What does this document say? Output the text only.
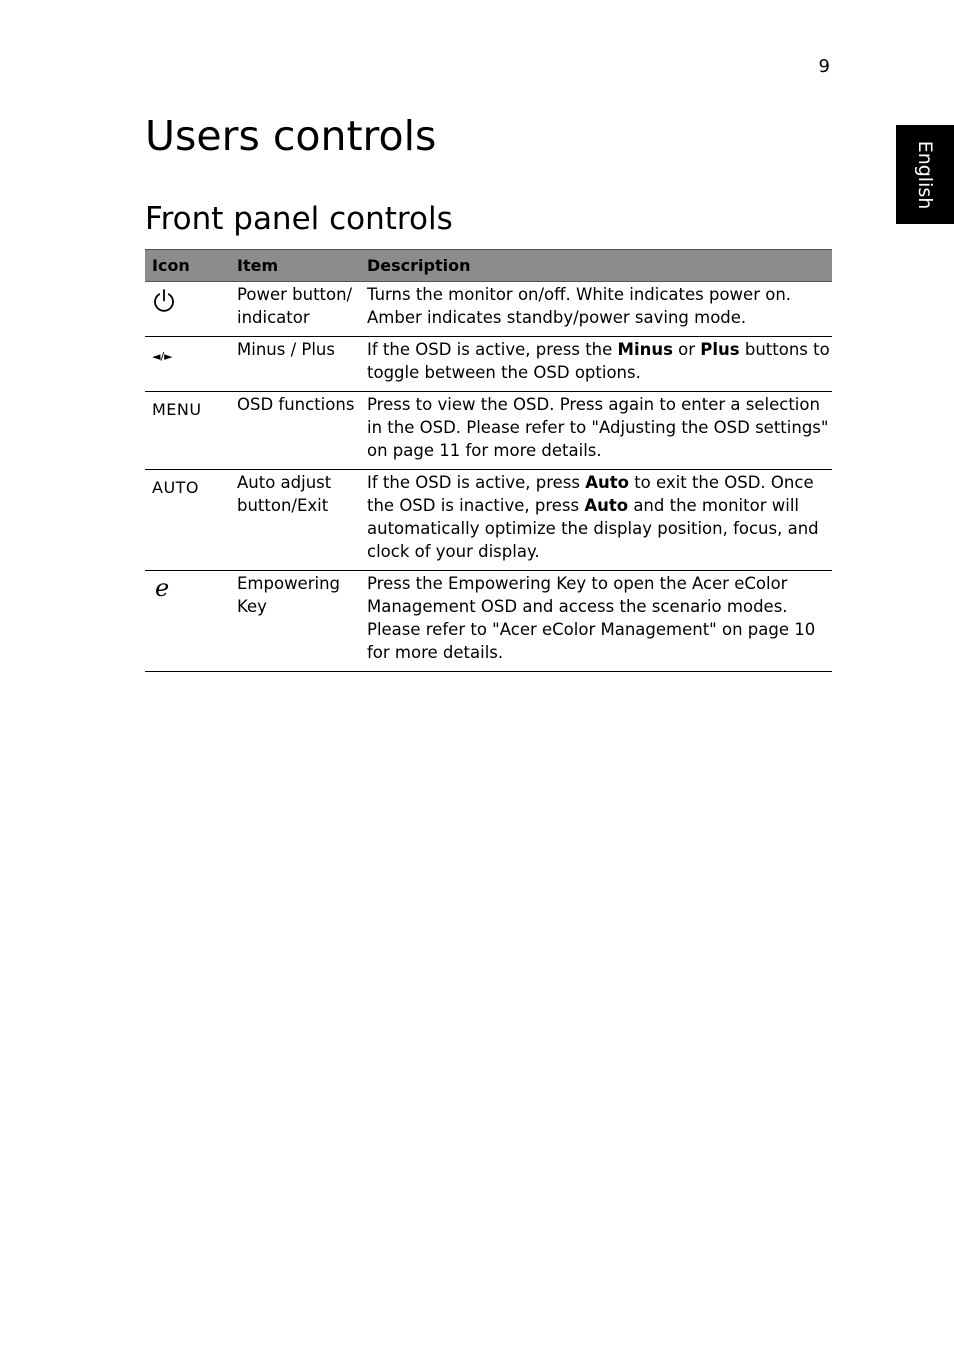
9
English
Users controls
Front panel controls
Icon	Item	Description
	Power button/ indicator	Turns the monitor on/off. White indicates power on. Amber indicates standby/power saving mode.
◄/►	Minus / Plus	If the OSD is active, press the Minus or Plus buttons to toggle between the OSD options.
MENU	OSD functions	Press to view the OSD. Press again to enter a selection in the OSD. Please refer to "Adjusting the OSD settings" on page 11 for more details.
AUTO	Auto adjust button/Exit	If the OSD is active, press Auto to exit the OSD. Once the OSD is inactive, press Auto and the monitor will automatically optimize the display position, focus, and clock of your display.
e	Empowering Key	Press the Empowering Key to open the Acer eColor Management OSD and access the scenario modes. Please refer to "Acer eColor Management" on page 10 for more details.
